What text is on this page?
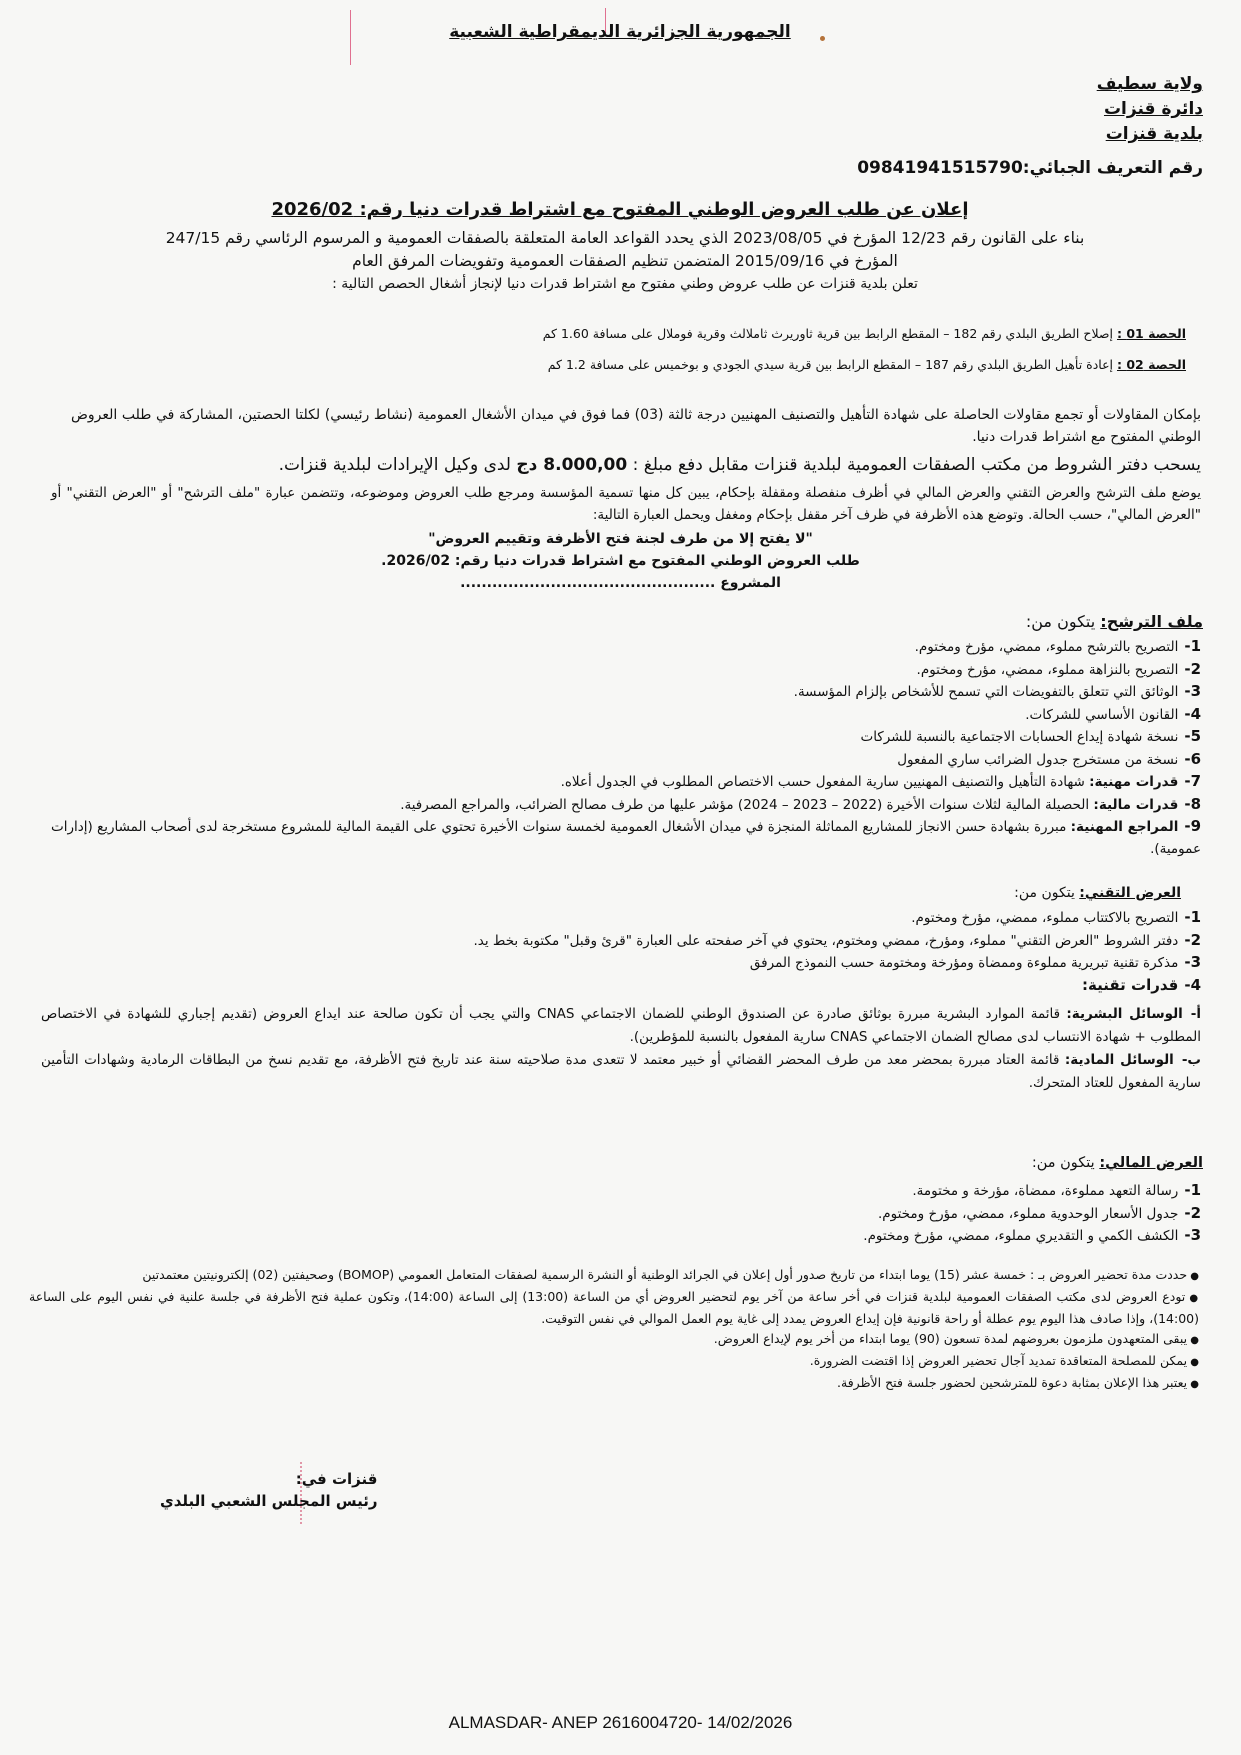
الجمهورية الجزائرية الديمقراطية الشعبية
ولاية سطيف
دائرة قنزات
بلدية قنزات
رقم التعريف الجبائي:09841941515790
إعلان عن طلب العروض الوطني المفتوح مع اشتراط قدرات دنيا رقم: 2026/02
بناء على القانون رقم 12/23 المؤرخ في 2023/08/05 الذي يحدد القواعد العامة المتعلقة بالصفقات العمومية و المرسوم الرئاسي رقم 247/15
المؤرخ في 2015/09/16 المتضمن تنظيم الصفقات العمومية وتفويضات المرفق العام
تعلن بلدية قنزات عن طلب عروض وطني مفتوح مع اشتراط قدرات دنيا لإنجاز أشغال الحصص التالية :
الحصة 01 : إصلاح الطريق البلدي رقم 182 – المقطع الرابط بين قرية ثاوريرث ثاملالث وقرية فوملال على مسافة 1.60 كم
الحصة 02 : إعادة تأهيل الطريق البلدي رقم 187 – المقطع الرابط بين قرية سيدي الجودي و بوخميس على مسافة 1.2 كم
بإمكان المقاولات أو تجمع مقاولات الحاصلة على شهادة التأهيل والتصنيف المهنيين درجة ثالثة (03) فما فوق في ميدان الأشغال العمومية (نشاط رئيسي) لكلتا الحصتين، المشاركة في طلب العروض الوطني المفتوح مع اشتراط قدرات دنيا.
يسحب دفتر الشروط من مكتب الصفقات العمومية لبلدية قنزات مقابل دفع مبلغ : 8.000,00 دج لدى وكيل الإيرادات لبلدية قنزات.
يوضع ملف الترشح والعرض التقني والعرض المالي في أظرف منفصلة ومقفلة بإحكام، يبين كل منها تسمية المؤسسة ومرجع طلب العروض وموضوعه، وتتضمن عبارة "ملف الترشح" أو "العرض التقني" أو "العرض المالي"، حسب الحالة. وتوضع هذه الأظرفة في ظرف آخر مقفل بإحكام ومغفل ويحمل العبارة التالية:
"لا يفتح إلا من طرف لجنة فتح الأظرفة وتقييم العروض"
طلب العروض الوطني المفتوح مع اشتراط قدرات دنيا رقم: 2026/02.
المشروع ................................................
ملف الترشح: يتكون من:
1-التصريح بالترشح مملوء، ممضي، مؤرخ ومختوم.
2-التصريح بالنزاهة مملوء، ممضي، مؤرخ ومختوم.
3-الوثائق التي تتعلق بالتفويضات التي تسمح للأشخاص بإلزام المؤسسة.
4-القانون الأساسي للشركات.
5-نسخة شهادة إيداع الحسابات الاجتماعية بالنسبة للشركات
6-نسخة من مستخرج جدول الضرائب ساري المفعول
7-قدرات مهنية: شهادة التأهيل والتصنيف المهنيين سارية المفعول حسب الاختصاص المطلوب في الجدول أعلاه.
8-قدرات مالية: الحصيلة المالية لثلاث سنوات الأخيرة (2022 – 2023 – 2024) مؤشر عليها من طرف مصالح الضرائب، والمراجع المصرفية.
9-المراجع المهنية: مبررة بشهادة حسن الانجاز للمشاريع المماثلة المنجزة في ميدان الأشغال العمومية لخمسة سنوات الأخيرة تحتوي على القيمة المالية للمشروع مستخرجة لدى أصحاب المشاريع (إدارات عمومية).
العرض التقني: يتكون من:
1-التصريح بالاكتتاب مملوء، ممضي، مؤرخ ومختوم.
2-دفتر الشروط "العرض التقني" مملوء، ومؤرخ، ممضي ومختوم، يحتوي في آخر صفحته على العبارة "قرئ وقبل" مكتوبة بخط يد.
3-مذكرة تقنية تبريرية مملوءة وممضاة ومؤرخة ومختومة حسب النموذج المرفق
4-قدرات تقنية:
أ-الوسائل البشرية: قائمة الموارد البشرية مبررة بوثائق صادرة عن الصندوق الوطني للضمان الاجتماعي CNAS والتي يجب أن تكون صالحة عند ايداع العروض (تقديم إجباري للشهادة في الاختصاص المطلوب + شهادة الانتساب لدى مصالح الضمان الاجتماعي CNAS سارية المفعول بالنسبة للمؤطرين).
ب-الوسائل المادية: قائمة العتاد مبررة بمحضر معد من طرف المحضر القضائي أو خبير معتمد لا تتعدى مدة صلاحيته سنة عند تاريخ فتح الأظرفة، مع تقديم نسخ من البطاقات الرمادية وشهادات التأمين سارية المفعول للعتاد المتحرك.
العرض المالي: يتكون من:
1-رسالة التعهد مملوءة، ممضاة، مؤرخة و مختومة.
2-جدول الأسعار الوحدوية مملوء، ممضي، مؤرخ ومختوم.
3-الكشف الكمي و التقديري مملوء، ممضي، مؤرخ ومختوم.
● حددت مدة تحضير العروض بـ : خمسة عشر (15) يوما ابتداء من تاريخ صدور أول إعلان في الجرائد الوطنية أو النشرة الرسمية لصفقات المتعامل العمومي (BOMOP) وصحيفتين (02) إلكترونيتين معتمدتين
● تودع العروض لدى مكتب الصفقات العمومية لبلدية قنزات في أخر ساعة من آخر يوم لتحضير العروض أي من الساعة (13:00) إلى الساعة (14:00)، وتكون عملية فتح الأظرفة في جلسة علنية في نفس اليوم على الساعة (14:00)، وإذا صادف هذا اليوم يوم عطلة أو راحة قانونية فإن إيداع العروض يمدد إلى غاية يوم العمل الموالي في نفس التوقيت.
● يبقى المتعهدون ملزمون بعروضهم لمدة تسعون (90) يوما ابتداء من أخر يوم لإيداع العروض.
● يمكن للمصلحة المتعاقدة تمديد آجال تحضير العروض إذا اقتضت الضرورة.
● يعتبر هذا الإعلان بمثابة دعوة للمترشحين لحضور جلسة فتح الأظرفة.
قنزات في:
رئيس المجلس الشعبي البلدي
ALMASDAR- ANEP 2616004720- 14/02/2026
